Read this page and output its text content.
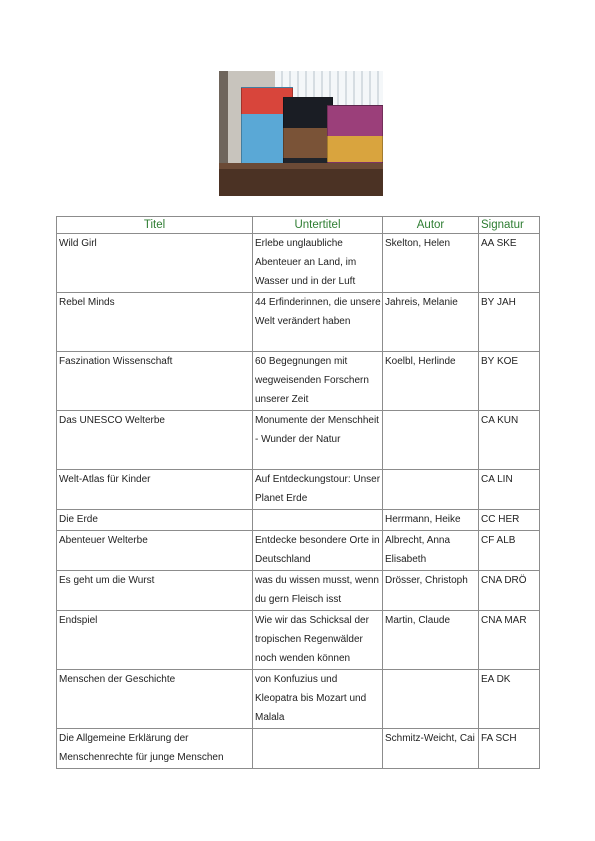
Titel	Untertitel	Autor	Signatur
Wild Girl	Erlebe unglaubliche Abenteuer an Land, im Wasser und in der Luft	Skelton, Helen	AA SKE
Rebel Minds	44 Erfinderinnen, die unsere Welt verändert haben	Jahreis, Melanie	BY JAH
Faszination Wissenschaft	60 Begegnungen mit wegweisenden Forschern unserer Zeit	Koelbl, Herlinde	BY KOE
Das UNESCO Welterbe	Monumente der Menschheit - Wunder der Natur		CA KUN
Welt-Atlas für Kinder	Auf Entdeckungstour: Unser Planet Erde		CA LIN
Die Erde		Herrmann, Heike	CC HER
Abenteuer Welterbe	Entdecke besondere Orte in Deutschland	Albrecht, Anna Elisabeth	CF ALB
Es geht um die Wurst	was du wissen musst, wenn du gern Fleisch isst	Drösser, Christoph	CNA DRÖ
Endspiel	Wie wir das Schicksal der tropischen Regenwälder noch wenden können	Martin, Claude	CNA MAR
Menschen der Geschichte	von Konfuzius und Kleopatra bis Mozart und Malala		EA DK
Die Allgemeine Erklärung der Menschenrechte für junge Menschen		Schmitz-Weicht, Cai	FA SCH
